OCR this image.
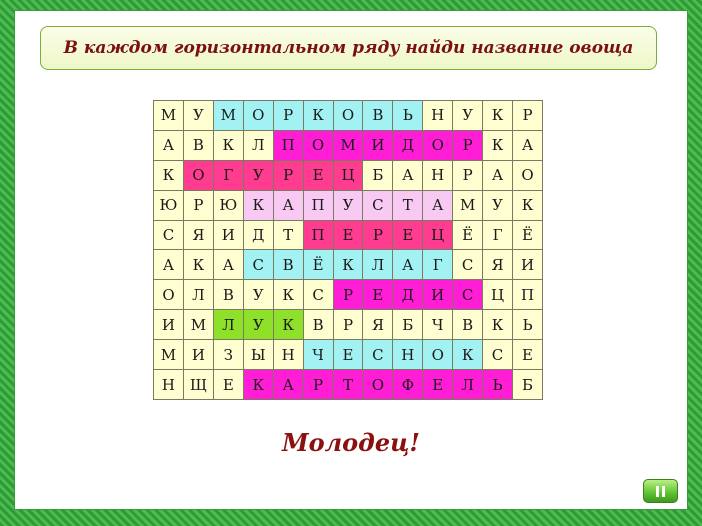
В каждом горизонтальном ряду найди название овоща
М	У	М	О	Р	К	О	В	Ь	Н	У	К	Р
А	В	К	Л	П	О	М	И	Д	О	Р	К	А
К	О	Г	У	Р	Е	Ц	Б	А	Н	Р	А	О
Ю	Р	Ю	К	А	П	У	С	Т	А	М	У	К
С	Я	И	Д	Т	П	Е	Р	Е	Ц	Ё	Г	Ё
А	К	А	С	В	Ё	К	Л	А	Г	С	Я	И
О	Л	В	У	К	С	Р	Е	Д	И	С	Ц	П
И	М	Л	У	К	В	Р	Я	Б	Ч	В	К	Ь
М	И	З	Ы	Н	Ч	Е	С	Н	О	К	С	Е
Н	Щ	Е	К	А	Р	Т	О	Ф	Е	Л	Ь	Б
Молодец!
